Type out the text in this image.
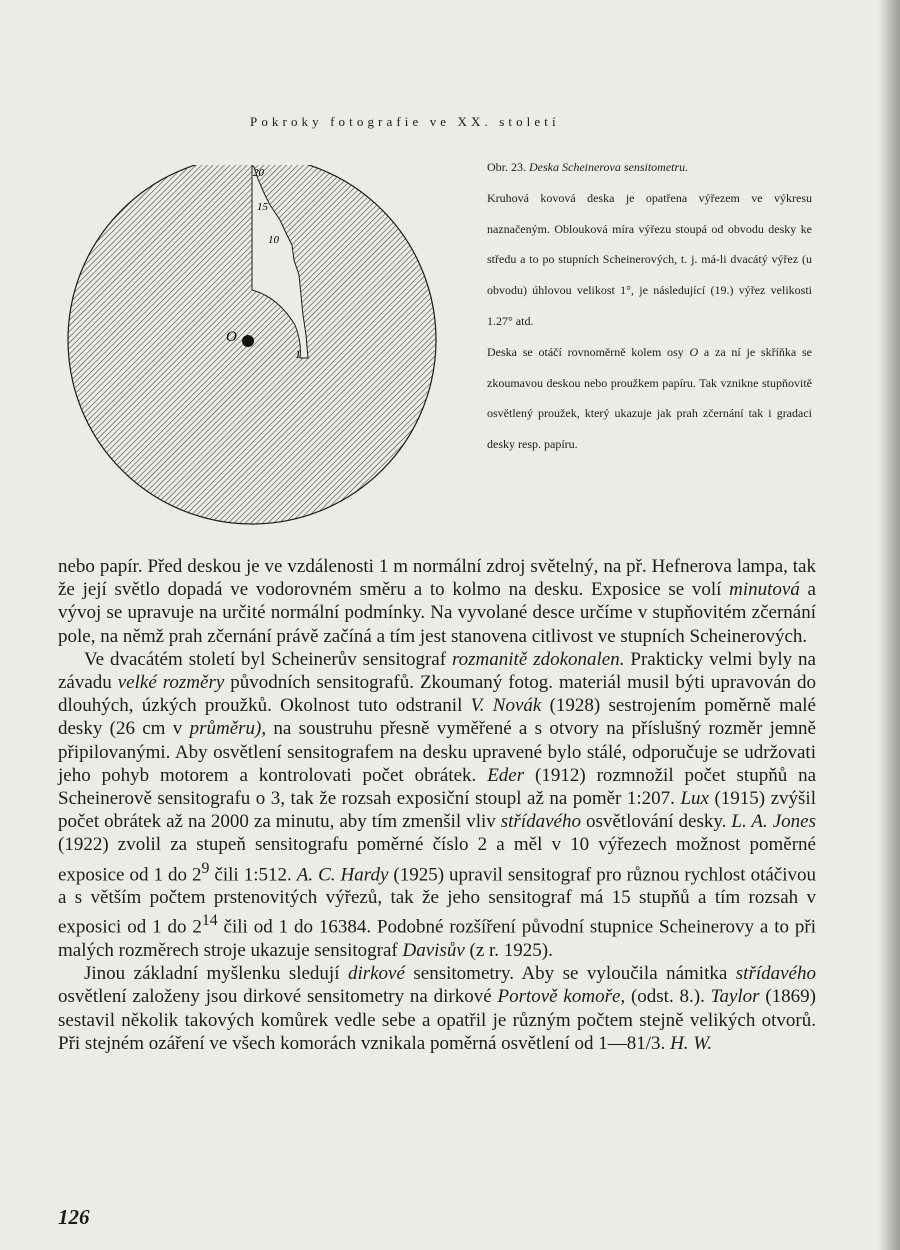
Pokroky fotografie ve XX. století
O
20
15
10
1

Obr. 23. Deska Scheinerova sensitometru.

Kruhová kovová deska je opatřena výřezem ve výkresu naznačeným. Oblouková míra výřezu stoupá od obvodu desky ke středu a to po stupních Scheinerových, t. j. má-li dvacátý výřez (u obvodu) úhlovou velikost 1°, je následující (19.) výřez velikosti 1.27° atd.

Deska se otáčí rovnoměrně kolem osy O a za ní je skříňka se zkoumavou deskou nebo proužkem papíru. Tak vznikne stupňovitě osvětlený proužek, který ukazuje jak prah zčernání tak i gradaci desky resp. papíru.

nebo papír. Před deskou je ve vzdálenosti 1 m normální zdroj světelný, na př. Hefnerova lampa, tak že její světlo dopadá ve vodorovném směru a to kolmo na desku. Exposice se volí minutová a vývoj se upravuje na určité normální podmínky. Na vyvolané desce určíme v stupňovitém zčernání pole, na němž prah zčernání právě začíná a tím jest stanovena citlivost ve stupních Scheinerových.

Ve dvacátém století byl Scheinerův sensitograf rozmanitě zdokonalen. Prakticky velmi byly na závadu velké rozměry původních sensitografů. Zkoumaný fotog. materiál musil býti upravován do dlouhých, úzkých proužků. Okolnost tuto odstranil V. Novák (1928) sestrojením poměrně malé desky (26 cm v průměru), na soustruhu přesně vyměřené a s otvory na příslušný rozměr jemně připilovanými. Aby osvětlení sensitografem na desku upravené bylo stálé, odporučuje se udržovati jeho pohyb motorem a kontrolovati počet obrátek. Eder (1912) rozmnožil počet stupňů na Scheinerově sensitografu o 3, tak že rozsah exposiční stoupl až na poměr 1:207. Lux (1915) zvýšil počet obrátek až na 2000 za minutu, aby tím zmenšil vliv střídavého osvětlování desky. L. A. Jones (1922) zvolil za stupeň sensitografu poměrné číslo 2 a měl v 10 výřezech možnost poměrné exposice od 1 do $2^9$ čili 1:512. A. C. Hardy (1925) upravil sensitograf pro různou rychlost otáčivou a s větším počtem prstenovitých výřezů, tak že jeho sensitograf má 15 stupňů a tím rozsah v exposici od 1 do $2^{14}$ čili od 1 do 16384. Podobné rozšíření původní stupnice Scheinerovy a to při malých rozměrech stroje ukazuje sensitograf Davisův (z r. 1925).

Jinou základní myšlenku sledují dirkové sensitometry. Aby se vyloučila námitka střídavého osvětlení založeny jsou dirkové sensitometry na dirkové Portově komoře, (odst. 8.). Taylor (1869) sestavil několik takových komůrek vedle sebe a opatřil je různým počtem stejně velikých otvorů. Při stejném ozáření ve všech komorách vznikala poměrná osvětlení od 1—81/3. H. W.

126
